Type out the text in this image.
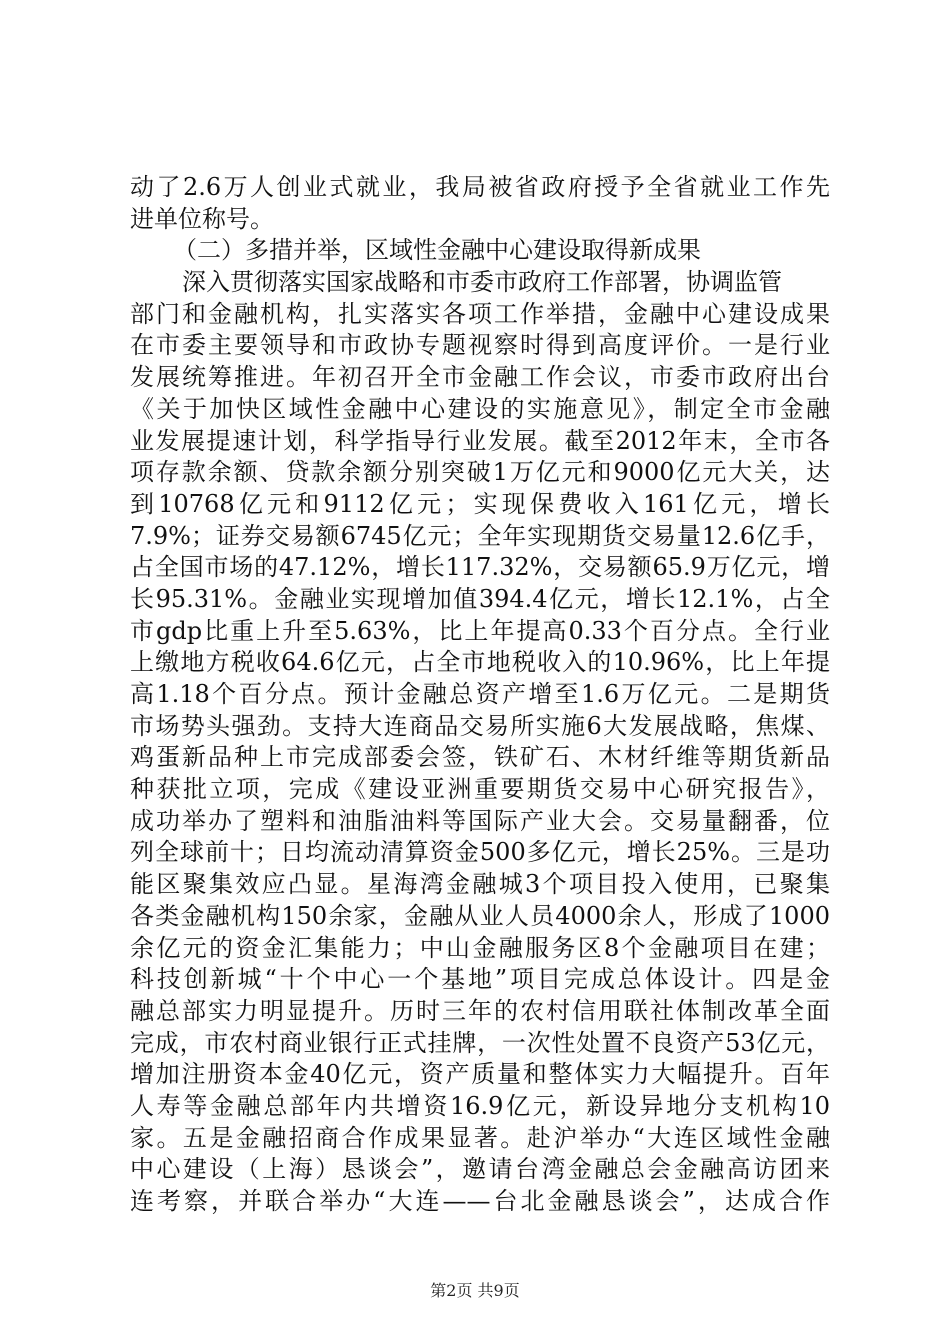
动了2.6万人创业式就业，我局被省政府授予全省就业工作先
进单位称号。
（二）多措并举，区域性金融中心建设取得新成果
深入贯彻落实国家战略和市委市政府工作部署，协调监管
部门和金融机构，扎实落实各项工作举措，金融中心建设成果
在市委主要领导和市政协专题视察时得到高度评价。一是行业
发展统筹推进。年初召开全市金融工作会议，市委市政府出台
《关于加快区域性金融中心建设的实施意见》，制定全市金融
业发展提速计划，科学指导行业发展。截至2012年末，全市各
项存款余额、贷款余额分别突破1万亿元和9000亿元大关，达
到10768亿元和9112亿元；实现保费收入161亿元，增长
7.9%；证券交易额6745亿元；全年实现期货交易量12.6亿手，
占全国市场的47.12%，增长117.32%，交易额65.9万亿元，增
长95.31%。金融业实现增加值394.4亿元，增长12.1%，占全
市gdp比重上升至5.63%，比上年提高0.33个百分点。全行业
上缴地方税收64.6亿元，占全市地税收入的10.96%，比上年提
高1.18个百分点。预计金融总资产增至1.6万亿元。二是期货
市场势头强劲。支持大连商品交易所实施6大发展战略，焦煤、
鸡蛋新品种上市完成部委会签，铁矿石、木材纤维等期货新品
种获批立项，完成《建设亚洲重要期货交易中心研究报告》，
成功举办了塑料和油脂油料等国际产业大会。交易量翻番，位
列全球前十；日均流动清算资金500多亿元，增长25%。三是功
能区聚集效应凸显。星海湾金融城3个项目投入使用，已聚集
各类金融机构150余家，金融从业人员4000余人，形成了1000
余亿元的资金汇集能力；中山金融服务区8个金融项目在建；
科技创新城“十个中心一个基地”项目完成总体设计。四是金
融总部实力明显提升。历时三年的农村信用联社体制改革全面
完成，市农村商业银行正式挂牌，一次性处置不良资产53亿元，
增加注册资本金40亿元，资产质量和整体实力大幅提升。百年
人寿等金融总部年内共增资16.9亿元，新设异地分支机构10
家。五是金融招商合作成果显著。赴沪举办“大连区域性金融
中心建设（上海）恳谈会”，邀请台湾金融总会金融高访团来
连考察，并联合举办“大连——台北金融恳谈会”，达成合作
第2页 共9页
